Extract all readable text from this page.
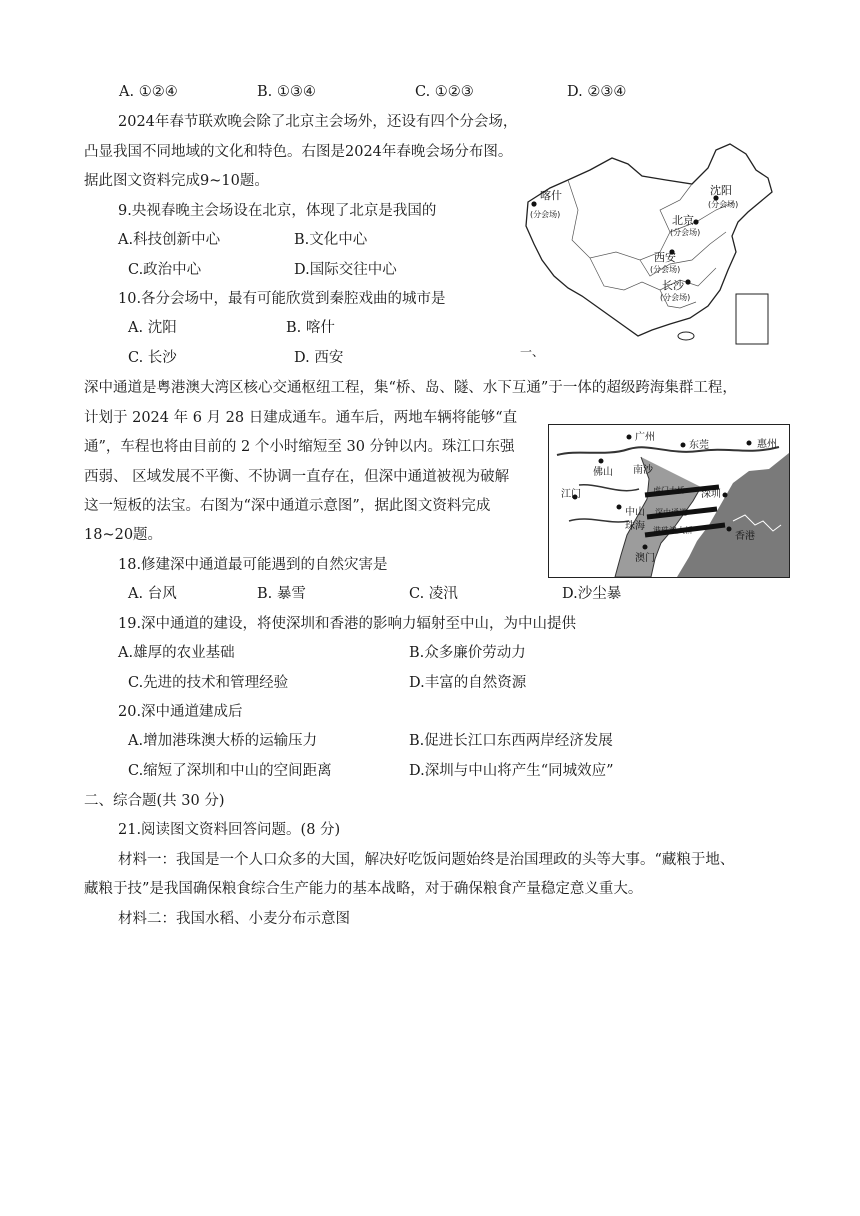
A. ①②④	B. ①③④	C. ①②③	D. ②③④
2024年春节联欢晚会除了北京主会场外，还设有四个分会场，
凸显我国不同地域的文化和特色。右图是2024年春晚会场分布图。
据此图文资料完成9~10题。
9.央视春晚主会场设在北京，体现了北京是我国的
A.科技创新中心	B.文化中心
C.政治中心	D.国际交往中心
10.各分会场中，最有可能欣赏到秦腔戏曲的城市是
A. 沈阳	B. 喀什
C. 长沙	D. 西安
喀什
(分会场)
沈阳
(分会场)
北京
(分会场)
西安
(分会场)
长沙
(分会场)
一、
深中通道是粤港澳大湾区核心交通枢纽工程，集“桥、岛、隧、水下互通”于一体的超级跨海集群工程，
计划于 2024 年 6 月 28 日建成通车。通车后，两地车辆将能够“直
通”，车程也将由目前的 2 个小时缩短至 30 分钟以内。珠江口东强
西弱、 区域发展不平衡、不协调一直存在，但深中通道被视为破解
这一短板的法宝。右图为“深中通道示意图”，据此图文资料完成
18~20题。
广州
东莞	惠州
佛山 南沙
江门
中山
深圳
虎门大桥
深中通道
港珠澳大桥
珠海
澳门
香港
18.修建深中通道最可能遇到的自然灾害是
A. 台风	B. 暴雪	C. 凌汛	D.沙尘暴
19.深中通道的建设，将使深圳和香港的影响力辐射至中山，为中山提供
A.雄厚的农业基础	B.众多廉价劳动力
C.先进的技术和管理经验	D.丰富的自然资源
20.深中通道建成后
A.增加港珠澳大桥的运输压力	B.促进长江口东西两岸经济发展
C.缩短了深圳和中山的空间距离	D.深圳与中山将产生“同城效应”
二、综合题(共 30 分)
21.阅读图文资料回答问题。(8 分)
材料一：我国是一个人口众多的大国，解决好吃饭问题始终是治国理政的头等大事。“藏粮于地、
藏粮于技”是我国确保粮食综合生产能力的基本战略，对于确保粮食产量稳定意义重大。
材料二：我国水稻、小麦分布示意图
